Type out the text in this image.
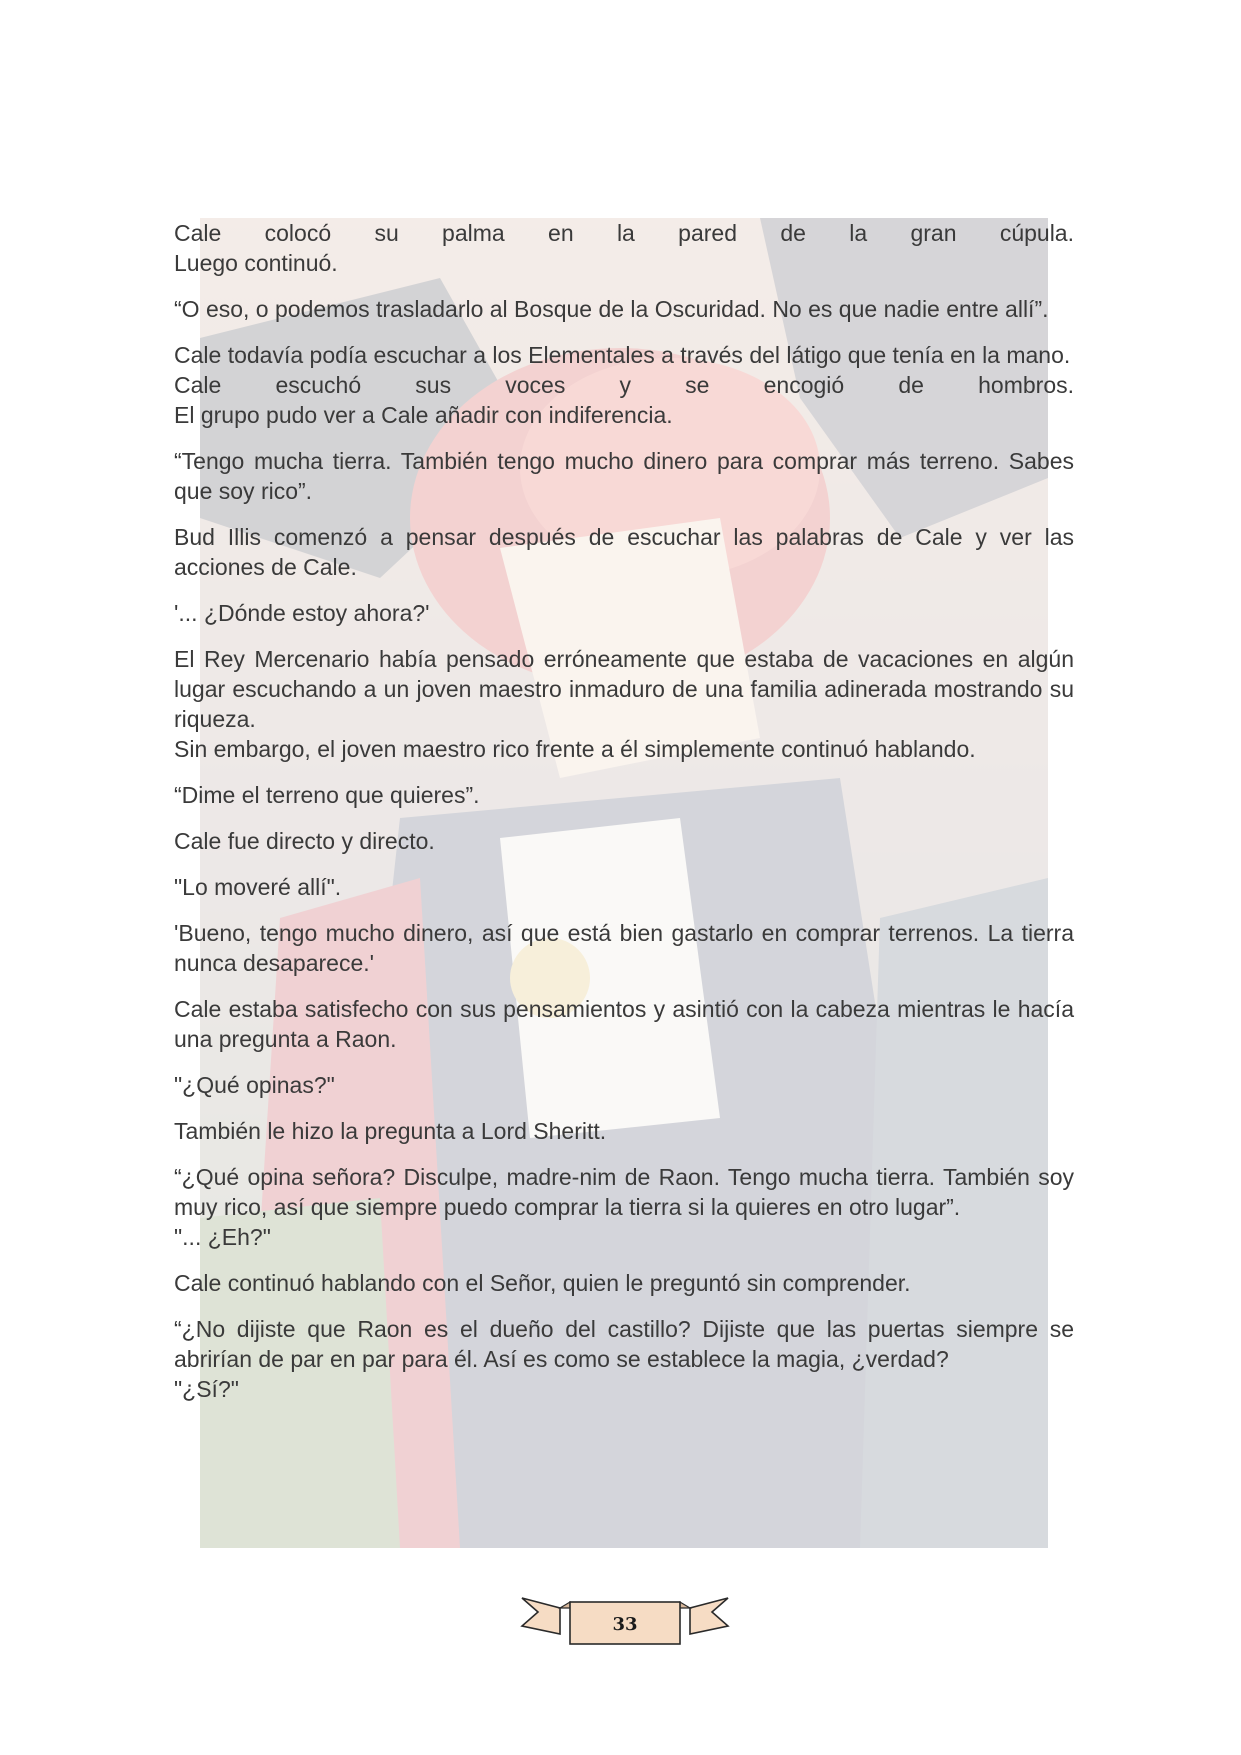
Cale colocó su palma en la pared de la gran cúpula.
Luego continuó.

“O eso, o podemos trasladarlo al Bosque de la Oscuridad. No es que nadie entre allí”.

Cale todavía podía escuchar a los Elementales a través del látigo que tenía en la mano.
Cale escuchó sus voces y se encogió de hombros.
El grupo pudo ver a Cale añadir con indiferencia.

“Tengo mucha tierra. También tengo mucho dinero para comprar más terreno. Sabes que soy rico”.

Bud Illis comenzó a pensar después de escuchar las palabras de Cale y ver las acciones de Cale.

'... ¿Dónde estoy ahora?'

El Rey Mercenario había pensado erróneamente que estaba de vacaciones en algún lugar escuchando a un joven maestro inmaduro de una familia adinerada mostrando su riqueza.
Sin embargo, el joven maestro rico frente a él simplemente continuó hablando.

“Dime el terreno que quieres”.

Cale fue directo y directo.

"Lo moveré allí".

'Bueno, tengo mucho dinero, así que está bien gastarlo en comprar terrenos. La tierra nunca desaparece.'

Cale estaba satisfecho con sus pensamientos y asintió con la cabeza mientras le hacía una pregunta a Raon.

"¿Qué opinas?"

También le hizo la pregunta a Lord Sheritt.

“¿Qué opina señora? Disculpe, madre-nim de Raon. Tengo mucha tierra. También soy muy rico, así que siempre puedo comprar la tierra si la quieres en otro lugar”.
"... ¿Eh?"

Cale continuó hablando con el Señor, quien le preguntó sin comprender.

“¿No dijiste que Raon es el dueño del castillo? Dijiste que las puertas siempre se abrirían de par en par para él. Así es como se establece la magia, ¿verdad?
"¿Sí?"

33
